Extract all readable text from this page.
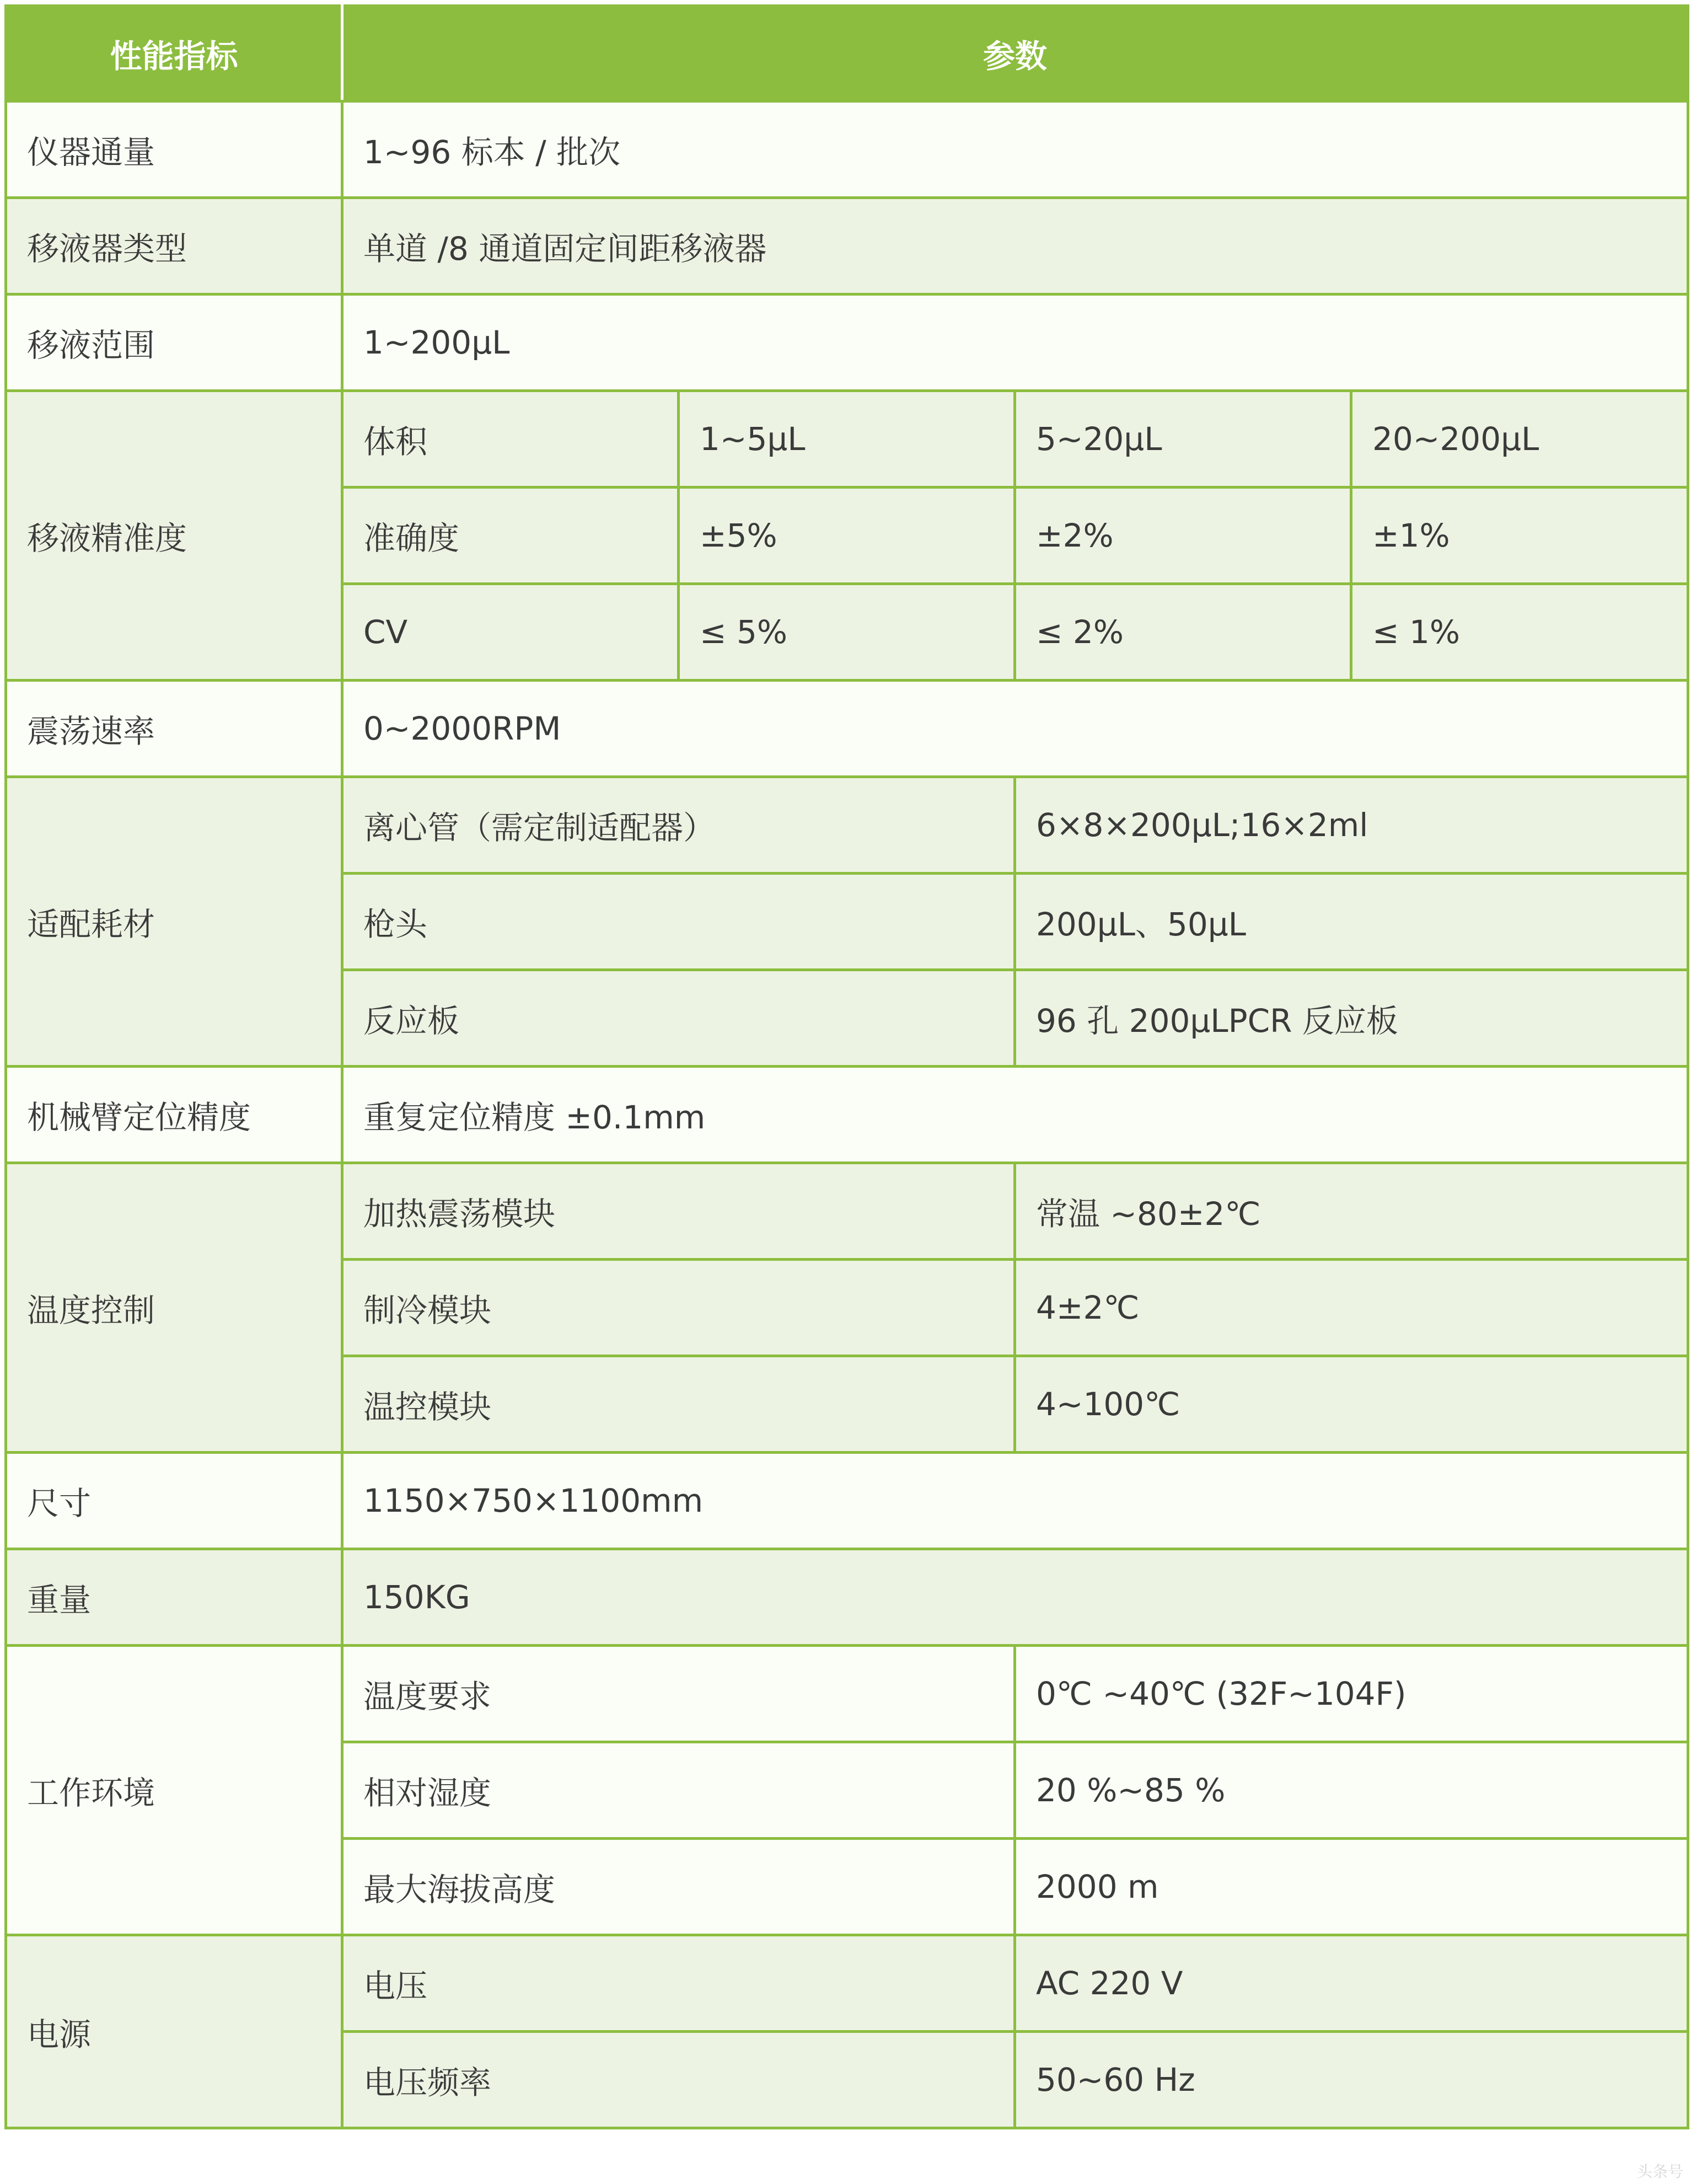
性能指标	参数			
仪器通量	1~96 标本 / 批次			
移液器类型	单道 /8 通道固定间距移液器			
移液范围	1~200μL			
移液精准度	体积	1~5μL	5~20μL	20~200μL
	准确度	±5%	±2%	±1%
	CV	≤ 5%	≤ 2%	≤ 1%
震荡速率	0~2000RPM			
适配耗材	离心管（需定制适配器）		6×8×200μL;16×2ml	
	枪头		200μL、50μL	
	反应板		96 孔 200μLPCR 反应板	
机械臂定位精度	重复定位精度 ±0.1mm			
温度控制	加热震荡模块		常温 ~80±2℃	
	制冷模块		4±2℃	
	温控模块		4~100℃	
尺寸	1150×750×1100mm			
重量	150KG			
工作环境	温度要求		0℃ ~40℃ (32F~104F)	
	相对湿度		20 %~85 %	
	最大海拔高度		2000 m	
电源	电压		AC 220 V	
	电压频率		50~60 Hz	
头条号
